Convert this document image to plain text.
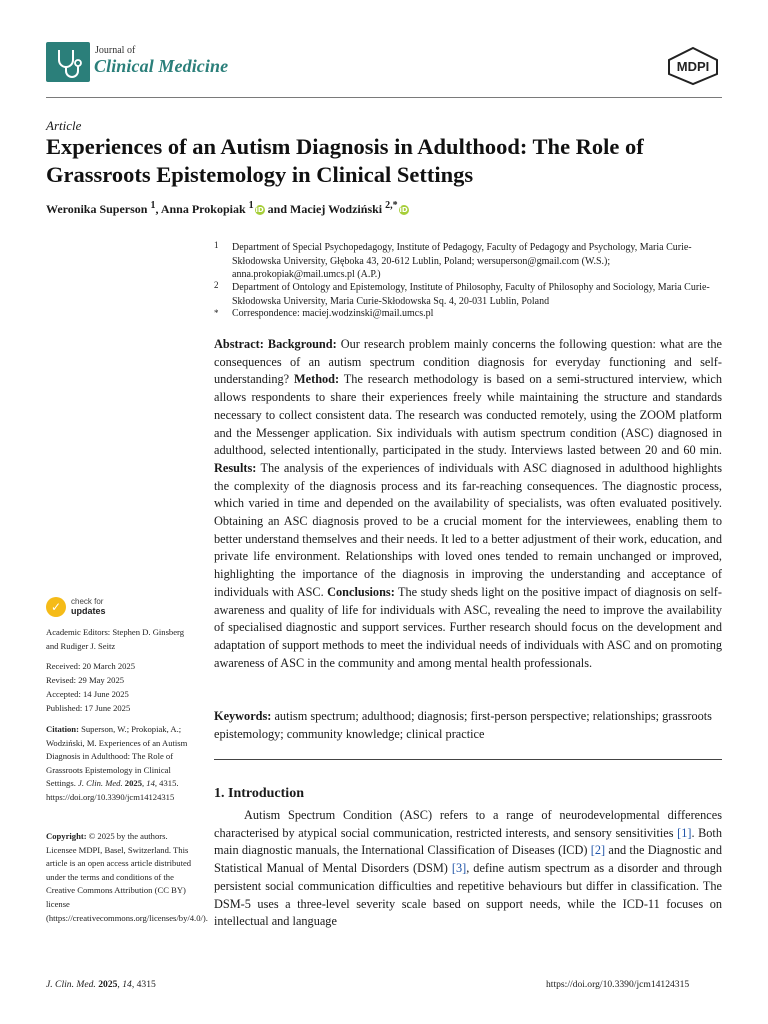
Journal of
Clinical Medicine	MDPI
Article
Experiences of an Autism Diagnosis in Adulthood: The Role of Grassroots Epistemology in Clinical Settings
Weronika Superson $^1$, Anna Prokopiak $^1$ iD and Maciej Wodziński $^{2,*}$ iD
1 Department of Special Psychopedagogy, Institute of Pedagogy, Faculty of Pedagogy and Psychology, Maria Curie-Skłodowska University, Głęboka 43, 20-612 Lublin, Poland; wersuperson@gmail.com (W.S.); anna.prokopiak@mail.umcs.pl (A.P.)
2 Department of Ontology and Epistemology, Institute of Philosophy, Faculty of Philosophy and Sociology, Maria Curie-Skłodowska University, Maria Curie-Skłodowska Sq. 4, 20-031 Lublin, Poland
* Correspondence: maciej.wodzinski@mail.umcs.pl
Abstract: Background: Our research problem mainly concerns the following question: what are the consequences of an autism spectrum condition diagnosis for everyday functioning and self-understanding? Method: The research methodology is based on a semi-structured interview, which allows respondents to share their experiences freely while maintaining the structure and standards necessary to collect consistent data. The research was conducted remotely, using the ZOOM platform and the Messenger application. Six individuals with autism spectrum condition (ASC) diagnosed in adulthood, selected intentionally, participated in the study. Interviews lasted between 20 and 60 min. Results: The analysis of the experiences of individuals with ASC diagnosed in adulthood highlights the complexity of the diagnosis process and its far-reaching consequences. The diagnostic process, which varied in time and depended on the availability of specialists, was often evaluated positively. Obtaining an ASC diagnosis proved to be a crucial moment for the interviewees, enabling them to better understand themselves and their needs. It led to a better adjustment of their work, education, and private life environment. Relationships with loved ones tended to remain unchanged or improved, highlighting the importance of the diagnosis in improving the understanding and acceptance of individuals with ASC. Conclusions: The study sheds light on the positive impact of diagnosis on self-awareness and quality of life for individuals with ASC, revealing the need to improve the availability of specialised diagnostic and support services. Further research should focus on the development and adaptation of support methods to meet the individual needs of individuals with ASC and on promoting awareness of ASC in the community and among mental health professionals.
Keywords: autism spectrum; adulthood; diagnosis; first-person perspective; relationships; grassroots epistemology; community knowledge; clinical practice
1. Introduction
Autism Spectrum Condition (ASC) refers to a range of neurodevelopmental differences characterised by atypical social communication, restricted interests, and sensory sensitivities [1]. Both main diagnostic manuals, the International Classification of Diseases (ICD) [2] and the Diagnostic and Statistical Manual of Mental Disorders (DSM) [3], define autism spectrum as a disorder and through persistent social communication difficulties and repetitive behaviours but differ in classification. The DSM-5 uses a three-level severity scale based on support needs, while the ICD-11 focuses on intellectual and language
✓	check for
updates
Academic Editors: Stephen D. Ginsberg and Rudiger J. Seitz
Received: 20 March 2025
Revised: 29 May 2025
Accepted: 14 June 2025
Published: 17 June 2025
Citation: Superson, W.; Prokopiak, A.; Wodziński, M. Experiences of an Autism Diagnosis in Adulthood: The Role of Grassroots Epistemology in Clinical Settings. J. Clin. Med. 2025, 14, 4315. https://doi.org/10.3390/jcm14124315
Copyright: © 2025 by the authors. Licensee MDPI, Basel, Switzerland. This article is an open access article distributed under the terms and conditions of the Creative Commons Attribution (CC BY) license (https://creativecommons.org/licenses/by/4.0/).
J. Clin. Med. 2025, 14, 4315	https://doi.org/10.3390/jcm14124315
